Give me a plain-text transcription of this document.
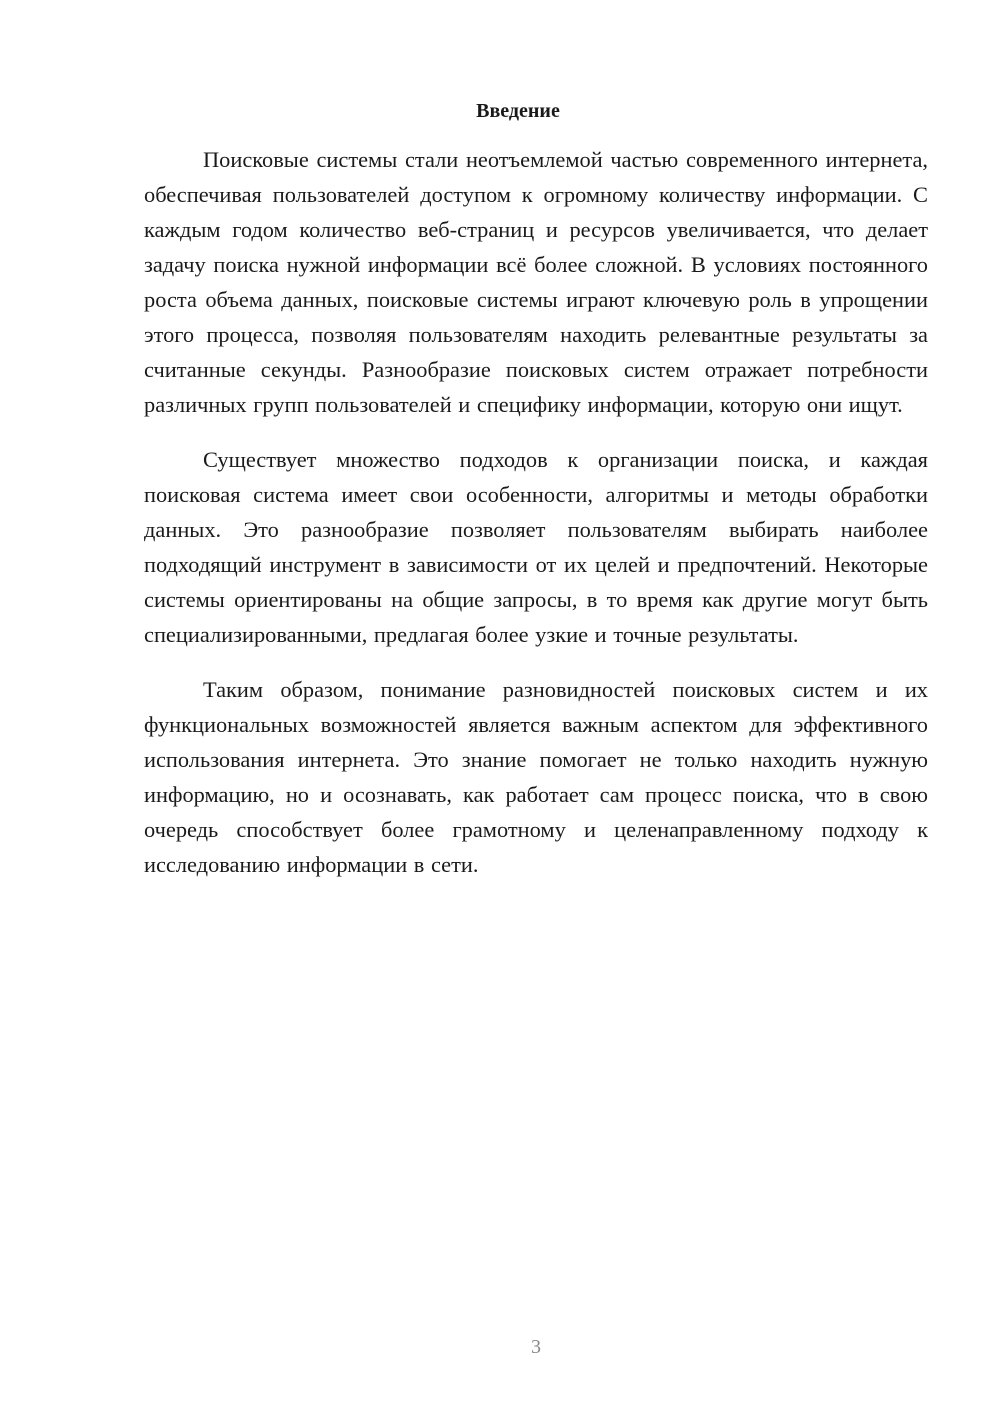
Введение

Поисковые системы стали неотъемлемой частью современного интернета, обеспечивая пользователей доступом к огромному количеству информации. С каждым годом количество веб-страниц и ресурсов увеличивается, что делает задачу поиска нужной информации всё более сложной. В условиях постоянного роста объема данных, поисковые системы играют ключевую роль в упрощении этого процесса, позволяя пользователям находить релевантные результаты за считанные секунды. Разнообразие поисковых систем отражает потребности различных групп пользователей и специфику информации, которую они ищут.

Существует множество подходов к организации поиска, и каждая поисковая система имеет свои особенности, алгоритмы и методы обработки данных. Это разнообразие позволяет пользователям выбирать наиболее подходящий инструмент в зависимости от их целей и предпочтений. Некоторые системы ориентированы на общие запросы, в то время как другие могут быть специализированными, предлагая более узкие и точные результаты.

Таким образом, понимание разновидностей поисковых систем и их функциональных возможностей является важным аспектом для эффективного использования интернета. Это знание помогает не только находить нужную информацию, но и осознавать, как работает сам процесс поиска, что в свою очередь способствует более грамотному и целенаправленному подходу к исследованию информации в сети.

3
